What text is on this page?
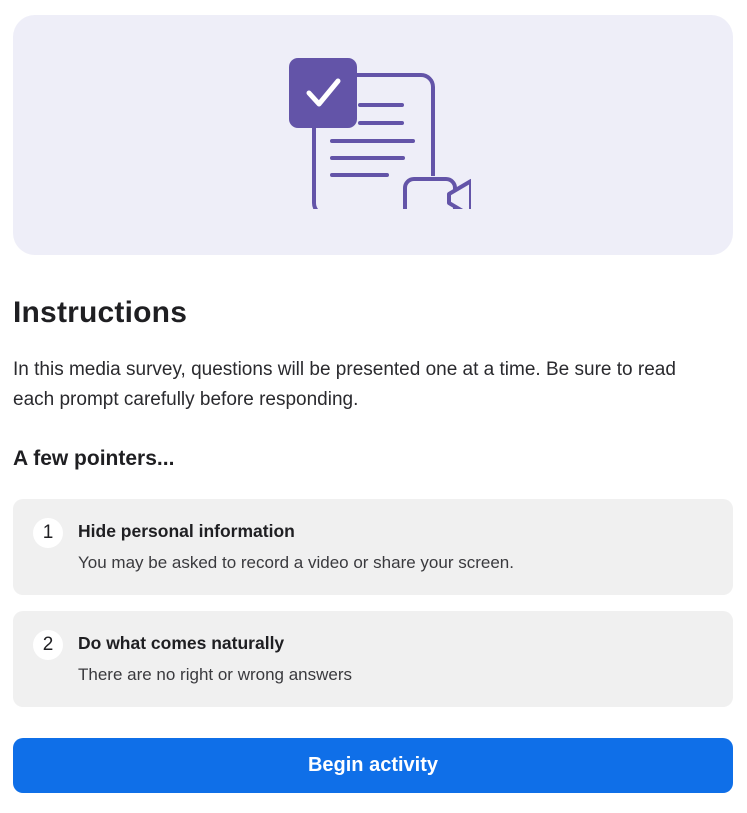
Instructions

In this media survey, questions will be presented one at a time. Be sure to read each prompt carefully before responding.

A few pointers...
1	Hide personal information
You may be asked to record a video or share your screen.
2	Do what comes naturally
There are no right or wrong answers
Begin activity
